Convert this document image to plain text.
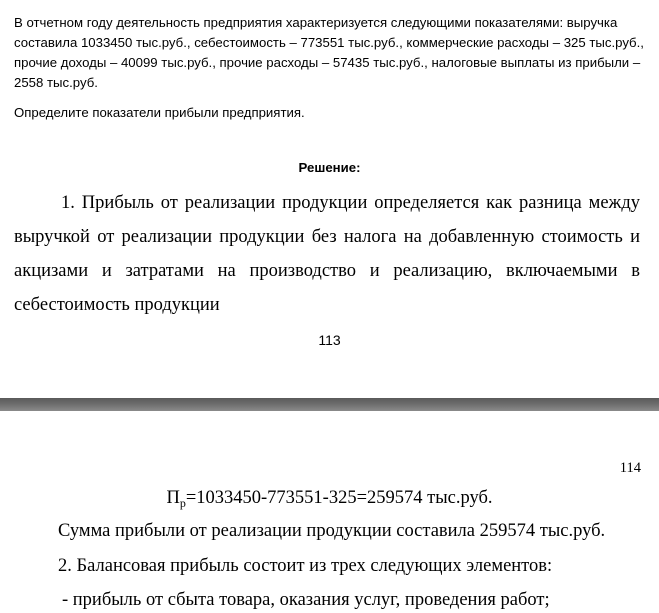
В отчетном году деятельность предприятия характеризуется следующими показателями: выручка составила 1033450 тыс.руб., себестоимость – 773551 тыс.руб., коммерческие расходы – 325 тыс.руб., прочие доходы – 40099 тыс.руб., прочие расходы – 57435 тыс.руб., налоговые выплаты из прибыли – 2558 тыс.руб.

Определите показатели прибыли предприятия.

Решение:

1. Прибыль от реализации продукции определяется как разница между выручкой от реализации продукции без налога на добавленную стоимость и акцизами и затратами на производство и реализацию, включаемыми в себестоимость продукции

113

114

$П_р=1033450-773551-325=259574$ тыс.руб.

Сумма прибыли от реализации продукции составила 259574 тыс.руб.

2. Балансовая прибыль состоит из трех следующих элементов:

- прибыль от сбыта товара, оказания услуг, проведения работ;
